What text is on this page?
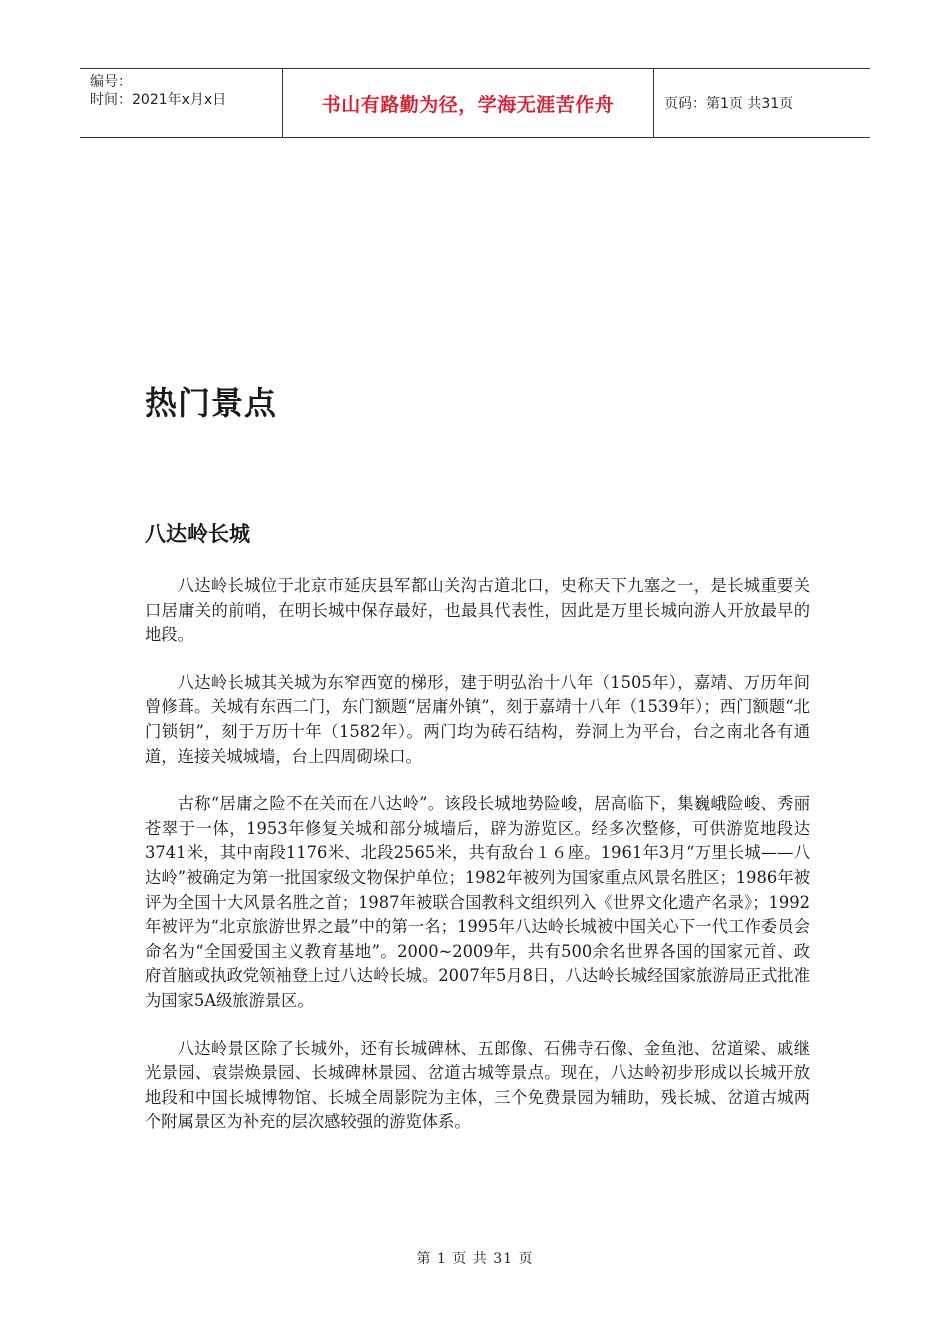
编号：
时间：2021年x月x日	书山有路勤为径，学海无涯苦作舟	页码：第1页 共31页
热门景点
八达岭长城

八达岭长城位于北京市延庆县军都山关沟古道北口，史称天下九塞之一，是长城重要关口居庸关的前哨，在明长城中保存最好，也最具代表性，因此是万里长城向游人开放最早的地段。

八达岭长城其关城为东窄西宽的梯形，建于明弘治十八年（1505年），嘉靖、万历年间曾修葺。关城有东西二门，东门额题“居庸外镇”，刻于嘉靖十八年（1539年）；西门额题“北门锁钥”，刻于万历十年（1582年）。两门均为砖石结构，券洞上为平台，台之南北各有通道，连接关城城墙，台上四周砌垛口。

古称“居庸之险不在关而在八达岭”。该段长城地势险峻，居高临下，集巍峨险峻、秀丽苍翠于一体，1953年修复关城和部分城墙后，辟为游览区。经多次整修，可供游览地段达3741米，其中南段1176米、北段2565米，共有敌台１６座。1961年3月“万里长城——八达岭”被确定为第一批国家级文物保护单位；1982年被列为国家重点风景名胜区；1986年被评为全国十大风景名胜之首；1987年被联合国教科文组织列入《世界文化遗产名录》；1992年被评为“北京旅游世界之最”中的第一名；1995年八达岭长城被中国关心下一代工作委员会命名为“全国爱国主义教育基地”。2000~2009年，共有500余名世界各国的国家元首、政府首脑或执政党领袖登上过八达岭长城。2007年5月8日，八达岭长城经国家旅游局正式批准为国家5A级旅游景区。

八达岭景区除了长城外，还有长城碑林、五郎像、石佛寺石像、金鱼池、岔道梁、戚继光景园、袁崇焕景园、长城碑林景园、岔道古城等景点。现在，八达岭初步形成以长城开放地段和中国长城博物馆、长城全周影院为主体，三个免费景园为辅助，残长城、岔道古城两个附属景区为补充的层次感较强的游览体系。

第 1 页 共 31 页
